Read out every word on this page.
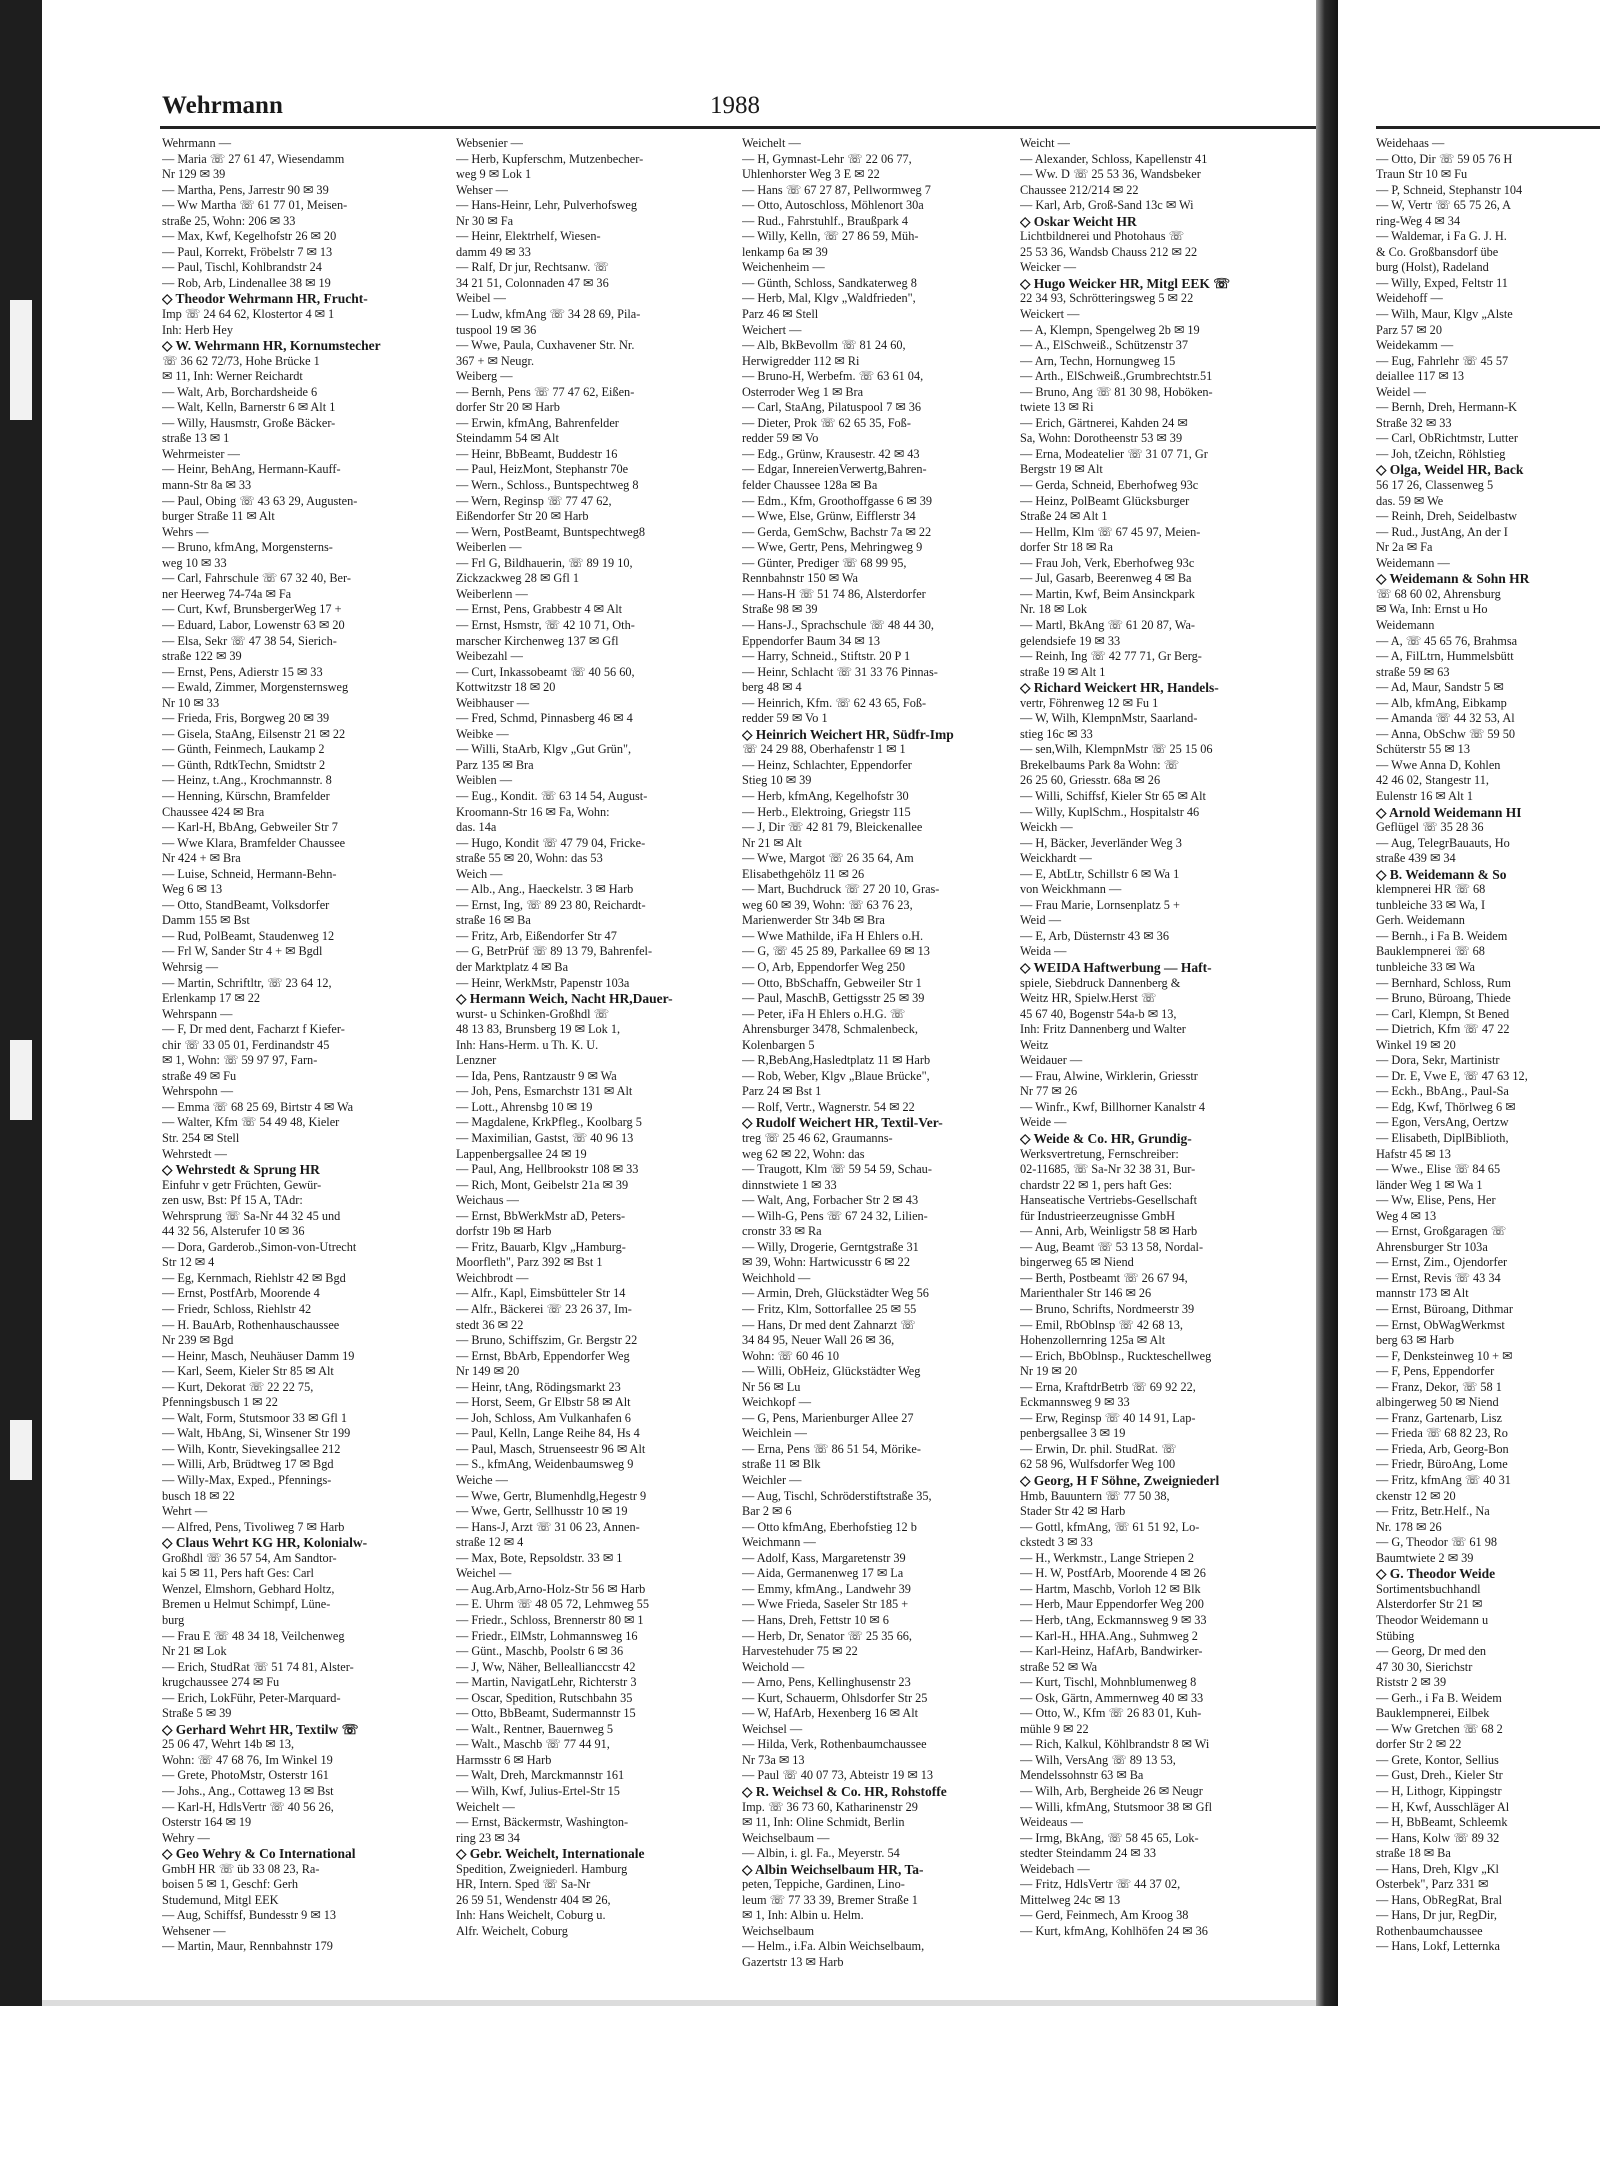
Wehrmann	1988
Wehrmann —
— Maria ☏ 27 61 47, Wiesendamm
Nr 129 ✉ 39
— Martha, Pens, Jarrestr 90 ✉ 39
— Ww Martha ☏ 61 77 01, Meisen-
straße 25, Wohn: 206 ✉ 33
— Max, Kwf, Kegelhofstr 26 ✉ 20
— Paul, Korrekt, Fröbelstr 7 ✉ 13
— Paul, Tischl, Kohlbrandstr 24
— Rob, Arb, Lindenallee 38 ✉ 19
◇ Theodor Wehrmann HR, Frucht-
Imp ☏ 24 64 62, Klostertor 4 ✉ 1
Inh: Herb Hey
◇ W. Wehrmann HR, Kornumstecher
☏ 36 62 72/73, Hohe Brücke 1
✉ 11, Inh: Werner Reichardt
— Walt, Arb, Borchardsheide 6
— Walt, Kelln, Barnerstr 6 ✉ Alt 1
— Willy, Hausmstr, Große Bäcker-
straße 13 ✉ 1
Wehrmeister —
— Heinr, BehAng, Hermann-Kauff-
mann-Str 8a ✉ 33
— Paul, Obing ☏ 43 63 29, Augusten-
burger Straße 11 ✉ Alt
Wehrs —
— Bruno, kfmAng, Morgensterns-
weg 10 ✉ 33
— Carl, Fahrschule ☏ 67 32 40, Ber-
ner Heerweg 74-74a ✉ Fa
— Curt, Kwf, BrunsbergerWeg 17 +
— Eduard, Labor, Lowenstr 63 ✉ 20
— Elsa, Sekr ☏ 47 38 54, Sierich-
straße 122 ✉ 39
— Ernst, Pens, Adierstr 15 ✉ 33
— Ewald, Zimmer, Morgensternsweg
Nr 10 ✉ 33
— Frieda, Fris, Borgweg 20 ✉ 39
— Gisela, StaAng, Eilsenstr 21 ✉ 22
— Günth, Feinmech, Laukamp 2
— Günth, RdtkTechn, Smidtstr 2
— Heinz, t.Ang., Krochmannstr. 8
— Henning, Kürschn, Bramfelder
Chaussee 424 ✉ Bra
— Karl-H, BbAng, Gebweiler Str 7
— Wwe Klara, Bramfelder Chaussee
Nr 424 + ✉ Bra
— Luise, Schneid, Hermann-Behn-
Weg 6 ✉ 13
— Otto, StandBeamt, Volksdorfer
Damm 155 ✉ Bst
— Rud, PolBeamt, Staudenweg 12
— Frl W, Sander Str 4 + ✉ Bgdl
Wehrsig —
— Martin, Schriftltr, ☏ 23 64 12,
Erlenkamp 17 ✉ 22
Wehrspann —
— F, Dr med dent, Facharzt f Kiefer-
chir ☏ 33 05 01, Ferdinandstr 45
✉ 1, Wohn: ☏ 59 97 97, Farn-
straße 49 ✉ Fu
Wehrspohn —
— Emma ☏ 68 25 69, Birtstr 4 ✉ Wa
— Walter, Kfm ☏ 54 49 48, Kieler
Str. 254 ✉ Stell
Wehrstedt —
◇ Wehrstedt & Sprung HR
Einfuhr v getr Früchten, Gewür-
zen usw, Bst: Pf 15 A, TAdr:
Wehrsprung ☏ Sa-Nr 44 32 45 und
44 32 56, Alsterufer 10 ✉ 36
— Dora, Garderob.,Simon-von-Utrecht
Str 12 ✉ 4
— Eg, Kernmach, Riehlstr 42 ✉ Bgd
— Ernst, PostfArb, Moorende 4
— Friedr, Schloss, Riehlstr 42
— H. BauArb, Rothenhauschaussee
Nr 239 ✉ Bgd
— Heinr, Masch, Neuhäuser Damm 19
— Karl, Seem, Kieler Str 85 ✉ Alt
— Kurt, Dekorat ☏ 22 22 75,
Pfenningsbusch 1 ✉ 22
— Walt, Form, Stutsmoor 33 ✉ Gfl 1
— Walt, HbAng, Si, Winsener Str 199
— Wilh, Kontr, Sievekingsallee 212
— Willi, Arb, Brüdtweg 17 ✉ Bgd
— Willy-Max, Exped., Pfennings-
busch 18 ✉ 22
Wehrt —
— Alfred, Pens, Tivoliweg 7 ✉ Harb
◇ Claus Wehrt KG HR, Kolonialw-
Großhdl ☏ 36 57 54, Am Sandtor-
kai 5 ✉ 11, Pers haft Ges: Carl
Wenzel, Elmshorn, Gebhard Holtz,
Bremen u Helmut Schimpf, Lüne-
burg
— Frau E ☏ 48 34 18, Veilchenweg
Nr 21 ✉ Lok
— Erich, StudRat ☏ 51 74 81, Alster-
krugchaussee 274 ✉ Fu
— Erich, LokFühr, Peter-Marquard-
Straße 5 ✉ 39
◇ Gerhard Wehrt HR, Textilw ☏
25 06 47, Wehrt 14b ✉ 13,
Wohn: ☏ 47 68 76, Im Winkel 19
— Grete, PhotoMstr, Osterstr 161
— Johs., Ang., Cottaweg 13 ✉ Bst
— Karl-H, HdlsVertr ☏ 40 56 26,
Osterstr 164 ✉ 19
Wehry —
◇ Geo Wehry & Co International
GmbH HR ☏ üb 33 08 23, Ra-
boisen 5 ✉ 1, Geschf: Gerh
Studemund, Mitgl EEK
— Aug, Schiffsf, Bundesstr 9 ✉ 13
Wehsener —
— Martin, Maur, Rennbahnstr 179
Websenier —
— Herb, Kupferschm, Mutzenbecher-
weg 9 ✉ Lok 1
Wehser —
— Hans-Heinr, Lehr, Pulverhofsweg
Nr 30 ✉ Fa
— Heinr, Elektrhelf, Wiesen-
damm 49 ✉ 33
— Ralf, Dr jur, Rechtsanw. ☏
34 21 51, Colonnaden 47 ✉ 36
Weibel —
— Ludw, kfmAng ☏ 34 28 69, Pila-
tuspool 19 ✉ 36
— Wwe, Paula, Cuxhavener Str. Nr.
367 + ✉ Neugr.
Weiberg —
— Bernh, Pens ☏ 77 47 62, Eißen-
dorfer Str 20 ✉ Harb
— Erwin, kfmAng, Bahrenfelder
Steindamm 54 ✉ Alt
— Heinr, BbBeamt, Buddestr 16
— Paul, HeizMont, Stephanstr 70e
— Wern., Schloss., Buntspechtweg 8
— Wern, Reginsp ☏ 77 47 62,
Eißendorfer Str 20 ✉ Harb
— Wern, PostBeamt, Buntspechtweg8
Weiberlen —
— Frl G, Bildhauerin, ☏ 89 19 10,
Zickzackweg 28 ✉ Gfl 1
Weiberlenn —
— Ernst, Pens, Grabbestr 4 ✉ Alt
— Ernst, Hsmstr, ☏ 42 10 71, Oth-
marscher Kirchenweg 137 ✉ Gfl
Weibezahl —
— Curt, Inkassobeamt ☏ 40 56 60,
Kottwitzstr 18 ✉ 20
Weibhauser —
— Fred, Schmd, Pinnasberg 46 ✉ 4
Weibke —
— Willi, StaArb, Klgv „Gut Grün",
Parz 135 ✉ Bra
Weiblen —
— Eug., Kondit. ☏ 63 14 54, August-
Kroomann-Str 16 ✉ Fa, Wohn:
das. 14a
— Hugo, Kondit ☏ 47 79 04, Fricke-
straße 55 ✉ 20, Wohn: das 53
Weich —
— Alb., Ang., Haeckelstr. 3 ✉ Harb
— Ernst, Ing, ☏ 89 23 80, Reichardt-
straße 16 ✉ Ba
— Fritz, Arb, Eißendorfer Str 47
— G, BetrPrüf ☏ 89 13 79, Bahrenfel-
der Marktplatz 4 ✉ Ba
— Heinr, WerkMstr, Papenstr 103a
◇ Hermann Weich, Nacht HR,Dauer-
wurst- u Schinken-Großhdl ☏
48 13 83, Brunsberg 19 ✉ Lok 1,
Inh: Hans-Herm. u Th. K. U.
Lenzner
— Ida, Pens, Rantzaustr 9 ✉ Wa
— Joh, Pens, Esmarchstr 131 ✉ Alt
— Lott., Ahrensbg 10 ✉ 19
— Magdalene, KrkPfleg., Koolbarg 5
— Maximilian, Gastst, ☏ 40 96 13
Lappenbergsallee 24 ✉ 19
— Paul, Ang, Hellbrookstr 108 ✉ 33
— Rich, Mont, Geibelstr 21a ✉ 39
Weichaus —
— Ernst, BbWerkMstr aD, Peters-
dorfstr 19b ✉ Harb
— Fritz, Bauarb, Klgv „Hamburg-
Moorfleth", Parz 392 ✉ Bst 1
Weichbrodt —
— Alfr., Kapl, Eimsbütteler Str 14
— Alfr., Bäckerei ☏ 23 26 37, Im-
stedt 36 ✉ 22
— Bruno, Schiffszim, Gr. Bergstr 22
— Ernst, BbArb, Eppendorfer Weg
Nr 149 ✉ 20
— Heinr, tAng, Rödingsmarkt 23
— Horst, Seem, Gr Elbstr 58 ✉ Alt
— Joh, Schloss, Am Vulkanhafen 6
— Paul, Kelln, Lange Reihe 84, Hs 4
— Paul, Masch, Struenseestr 96 ✉ Alt
— S., kfmAng, Weidenbaumsweg 9
Weiche —
— Wwe, Gertr, Blumenhdlg,Hegestr 9
— Wwe, Gertr, Sellhusstr 10 ✉ 19
— Hans-J, Arzt ☏ 31 06 23, Annen-
straße 12 ✉ 4
— Max, Bote, Repsoldstr. 33 ✉ 1
Weichel —
— Aug.Arb,Arno-Holz-Str 56 ✉ Harb
— E. Uhrm ☏ 48 05 72, Lehmweg 55
— Friedr., Schloss, Brennerstr 80 ✉ 1
— Friedr., ElMstr, Lohmannsweg 16
— Günt., Maschb, Poolstr 6 ✉ 36
— J, Ww, Näher, Belleallianccstr 42
— Martin, NavigatLehr, Richterstr 3
— Oscar, Spedition, Rutschbahn 35
— Otto, BbBeamt, Sudermannstr 15
— Walt., Rentner, Bauernweg 5
— Walt., Maschb ☏ 77 44 91,
Harmsstr 6 ✉ Harb
— Walt, Dreh, Marckmannstr 161
— Wilh, Kwf, Julius-Ertel-Str 15
Weichelt —
— Ernst, Bäckermstr, Washington-
ring 23 ✉ 34
◇ Gebr. Weichelt, Internationale
Spedition, Zweigniederl. Hamburg
HR, Intern. Sped ☏ Sa-Nr
26 59 51, Wendenstr 404 ✉ 26,
Inh: Hans Weichelt, Coburg u.
Alfr. Weichelt, Coburg
Weichelt —
— H, Gymnast-Lehr ☏ 22 06 77,
Uhlenhorster Weg 3 E ✉ 22
— Hans ☏ 67 27 87, Pellwormweg 7
— Otto, Autoschloss, Möhlenort 30a
— Rud., Fahrstuhlf., Braußpark 4
— Willy, Kelln, ☏ 27 86 59, Müh-
lenkamp 6a ✉ 39
Weichenheim —
— Günth, Schloss, Sandkaterweg 8
— Herb, Mal, Klgv „Waldfrieden",
Parz 46 ✉ Stell
Weichert —
— Alb, BkBevollm ☏ 81 24 60,
Herwigredder 112 ✉ Ri
— Bruno-H, Werbefm. ☏ 63 61 04,
Osterroder Weg 1 ✉ Bra
— Carl, StaAng, Pilatuspool 7 ✉ 36
— Dieter, Prok ☏ 62 65 35, Foß-
redder 59 ✉ Vo
— Edg., Grünw, Krausestr. 42 ✉ 43
— Edgar, InnereienVerwertg,Bahren-
felder Chaussee 128a ✉ Ba
— Edm., Kfm, Groothoffgasse 6 ✉ 39
— Wwe, Else, Grünw, Eifflerstr 34
— Gerda, GemSchw, Bachstr 7a ✉ 22
— Wwe, Gertr, Pens, Mehringweg 9
— Günter, Prediger ☏ 68 99 95,
Rennbahnstr 150 ✉ Wa
— Hans-H ☏ 51 74 86, Alsterdorfer
Straße 98 ✉ 39
— Hans-J., Sprachschule ☏ 48 44 30,
Eppendorfer Baum 34 ✉ 13
— Harry, Schneid., Stiftstr. 20 P 1
— Heinr, Schlacht ☏ 31 33 76 Pinnas-
berg 48 ✉ 4
— Heinrich, Kfm. ☏ 62 43 65, Foß-
redder 59 ✉ Vo 1
◇ Heinrich Weichert HR, Südfr-Imp
☏ 24 29 88, Oberhafenstr 1 ✉ 1
— Heinz, Schlachter, Eppendorfer
Stieg 10 ✉ 39
— Herb, kfmAng, Kegelhofstr 30
— Herb., Elektroing, Griegstr 115
— J, Dir ☏ 42 81 79, Bleickenallee
Nr 21 ✉ Alt
— Wwe, Margot ☏ 26 35 64, Am
Elisabethgehölz 11 ✉ 26
— Mart, Buchdruck ☏ 27 20 10, Gras-
weg 60 ✉ 39, Wohn: ☏ 63 76 23,
Marienwerder Str 34b ✉ Bra
— Wwe Mathilde, iFa H Ehlers o.H.
— G, ☏ 45 25 89, Parkallee 69 ✉ 13
— O, Arb, Eppendorfer Weg 250
— Otto, BbSchaffn, Gebweiler Str 1
— Paul, MaschB, Gettigsstr 25 ✉ 39
— Peter, iFa H Ehlers o.H.G. ☏
Ahrensburger 3478, Schmalenbeck,
Kolenbargen 5
— R,BebAng,Hasledtplatz 11 ✉ Harb
— Rob, Weber, Klgv „Blaue Brücke",
Parz 24 ✉ Bst 1
— Rolf, Vertr., Wagnerstr. 54 ✉ 22
◇ Rudolf Weichert HR, Textil-Ver-
treg ☏ 25 46 62, Graumanns-
weg 62 ✉ 22, Wohn: das
— Traugott, Klm ☏ 59 54 59, Schau-
dinnstwiete 1 ✉ 33
— Walt, Ang, Forbacher Str 2 ✉ 43
— Wilh-G, Pens ☏ 67 24 32, Lilien-
cronstr 33 ✉ Ra
— Willy, Drogerie, Gerntgstraße 31
✉ 39, Wohn: Hartwicusstr 6 ✉ 22
Weichhold —
— Armin, Dreh, Glückstädter Weg 56
— Fritz, Klm, Sottorfallee 25 ✉ 55
— Hans, Dr med dent Zahnarzt ☏
34 84 95, Neuer Wall 26 ✉ 36,
Wohn: ☏ 60 46 10
— Willi, ObHeiz, Glückstädter Weg
Nr 56 ✉ Lu
Weichkopf —
— G, Pens, Marienburger Allee 27
Weichlein —
— Erna, Pens ☏ 86 51 54, Mörike-
straße 11 ✉ Blk
Weichler —
— Aug, Tischl, Schröderstiftstraße 35,
Bar 2 ✉ 6
— Otto kfmAng, Eberhofstieg 12 b
Weichmann —
— Adolf, Kass, Margaretenstr 39
— Aida, Germanenweg 17 ✉ La
— Emmy, kfmAng., Landwehr 39
— Wwe Frieda, Saseler Str 185 +
— Hans, Dreh, Fettstr 10 ✉ 6
— Herb, Dr, Senator ☏ 25 35 66,
Harvestehuder 75 ✉ 22
Weichold —
— Arno, Pens, Kellinghusenstr 23
— Kurt, Schauerm, Ohlsdorfer Str 25
— W, HafArb, Hexenberg 16 ✉ Alt
Weichsel —
— Hilda, Verk, Rothenbaumchaussee
Nr 73a ✉ 13
— Paul ☏ 40 07 73, Abteistr 19 ✉ 13
◇ R. Weichsel & Co. HR, Rohstoffe
Imp. ☏ 36 73 60, Katharinenstr 29
✉ 11, Inh: Oline Schmidt, Berlin
Weichselbaum —
— Albin, i. gl. Fa., Meyerstr. 54
◇ Albin Weichselbaum HR, Ta-
peten, Teppiche, Gardinen, Lino-
leum ☏ 77 33 39, Bremer Straße 1
✉ 1, Inh: Albin u. Helm.
Weichselbaum
— Helm., i.Fa. Albin Weichselbaum,
Gazertstr 13 ✉ Harb
Weicht —
— Alexander, Schloss, Kapellenstr 41
— Ww. D ☏ 25 53 36, Wandsbeker
Chaussee 212/214 ✉ 22
— Karl, Arb, Groß-Sand 13c ✉ Wi
◇ Oskar Weicht HR
Lichtbildnerei und Photohaus ☏
25 53 36, Wandsb Chauss 212 ✉ 22
Weicker —
◇ Hugo Weicker HR, Mitgl EEK ☏
22 34 93, Schrötteringsweg 5 ✉ 22
Weickert —
— A, Klempn, Spengelweg 2b ✉ 19
— A., ElSchweiß., Schützenstr 37
— Arn, Techn, Hornungweg 15
— Arth., ElSchweiß.,Grumbrechtstr.51
— Bruno, Ang ☏ 81 30 98, Hoböken-
twiete 13 ✉ Ri
— Erich, Gärtnerei, Kahden 24 ✉
Sa, Wohn: Dorotheenstr 53 ✉ 39
— Erna, Modeatelier ☏ 31 07 71, Gr
Bergstr 19 ✉ Alt
— Gerda, Schneid, Eberhofweg 93c
— Heinz, PolBeamt Glücksburger
Straße 24 ✉ Alt 1
— Hellm, Klm ☏ 67 45 97, Meien-
dorfer Str 18 ✉ Ra
— Frau Joh, Verk, Eberhofweg 93c
— Jul, Gasarb, Beerenweg 4 ✉ Ba
— Martin, Kwf, Beim Ansinckpark
Nr. 18 ✉ Lok
— Martl, BkAng ☏ 61 20 87, Wa-
gelendsiefe 19 ✉ 33
— Reinh, Ing ☏ 42 77 71, Gr Berg-
straße 19 ✉ Alt 1
◇ Richard Weickert HR, Handels-
vertr, Föhrenweg 12 ✉ Fu 1
— W, Wilh, KlempnMstr, Saarland-
stieg 16c ✉ 33
— sen,Wilh, KlempnMstr ☏ 25 15 06
Brekelbaums Park 8a Wohn: ☏
26 25 60, Griesstr. 68a ✉ 26
— Willi, Schiffsf, Kieler Str 65 ✉ Alt
— Willy, KuplSchm., Hospitalstr 46
Weickh —
— H, Bäcker, Jeverländer Weg 3
Weickhardt —
— E, AbtLtr, Schillstr 6 ✉ Wa 1
von Weickhmann —
— Frau Marie, Lornsenplatz 5 +
Weid —
— E, Arb, Düsternstr 43 ✉ 36
Weida —
◇ WEIDA Haftwerbung — Haft-
spiele, Siebdruck Dannenberg &
Weitz HR, Spielw.Herst ☏
45 67 40, Bogenstr 54a-b ✉ 13,
Inh: Fritz Dannenberg und Walter
Weitz
Weidauer —
— Frau, Alwine, Wirklerin, Griesstr
Nr 77 ✉ 26
— Winfr., Kwf, Billhorner Kanalstr 4
Weide —
◇ Weide & Co. HR, Grundig-
Werksvertretung, Fernschreiber:
02-11685, ☏ Sa-Nr 32 38 31, Bur-
chardstr 22 ✉ 1, pers haft Ges:
Hanseatische Vertriebs-Gesellschaft
für Industrieerzeugnisse GmbH
— Anni, Arb, Weinligstr 58 ✉ Harb
— Aug, Beamt ☏ 53 13 58, Nordal-
bingerweg 65 ✉ Niend
— Berth, Postbeamt ☏ 26 67 94,
Marienthaler Str 146 ✉ 26
— Bruno, Schrifts, Nordmeerstr 39
— Emil, RbOblnsp ☏ 42 68 13,
Hohenzollernring 125a ✉ Alt
— Erich, BbOblnsp., Ruckteschellweg
Nr 19 ✉ 20
— Erna, KraftdrBetrb ☏ 69 92 22,
Eckmannsweg 9 ✉ 33
— Erw, Reginsp ☏ 40 14 91, Lap-
penbergsallee 3 ✉ 19
— Erwin, Dr. phil. StudRat. ☏
62 58 96, Wulfsdorfer Weg 100
◇ Georg, H F Söhne, Zweigniederl
Hmb, Bauuntern ☏ 77 50 38,
Stader Str 42 ✉ Harb
— Gottl, kfmAng, ☏ 61 51 92, Lo-
ckstedt 3 ✉ 33
— H., Werkmstr., Lange Striepen 2
— H. W, PostfArb, Moorende 4 ✉ 26
— Hartm, Maschb, Vorloh 12 ✉ Blk
— Herb, Maur Eppendorfer Weg 200
— Herb, tAng, Eckmannsweg 9 ✉ 33
— Karl-H., HHA.Ang., Suhmweg 2
— Karl-Heinz, HafArb, Bandwirker-
straße 52 ✉ Wa
— Kurt, Tischl, Mohnblumenweg 8
— Osk, Gärtn, Ammernweg 40 ✉ 33
— Otto, W., Kfm ☏ 26 83 01, Kuh-
mühle 9 ✉ 22
— Rich, Kalkul, Köhlbrandstr 8 ✉ Wi
— Wilh, VersAng ☏ 89 13 53,
Mendelssohnstr 63 ✉ Ba
— Wilh, Arb, Bergheide 26 ✉ Neugr
— Willi, kfmAng, Stutsmoor 38 ✉ Gfl
Weideaus —
— Irmg, BkAng, ☏ 58 45 65, Lok-
stedter Steindamm 24 ✉ 33
Weidebach —
— Fritz, HdlsVertr ☏ 44 37 02,
Mittelweg 24c ✉ 13
— Gerd, Feinmech, Am Kroog 38
— Kurt, kfmAng, Kohlhöfen 24 ✉ 36
Weidehaas —
— Otto, Dir ☏ 59 05 76 H
Traun Str 10 ✉ Fu
— P, Schneid, Stephanstr 104
— W, Vertr ☏ 65 75 26, A
ring-Weg 4 ✉ 34
— Waldemar, i Fa G. J. H.
& Co. Großbansdorf übe
burg (Holst), Radeland
— Willy, Exped, Feltstr 11
Weidehoff —
— Wilh, Maur, Klgv „Alste
Parz 57 ✉ 20
Weidekamm —
— Eug, Fahrlehr ☏ 45 57
deiallee 117 ✉ 13
Weidel —
— Bernh, Dreh, Hermann-K
Straße 32 ✉ 33
— Carl, ObRichtmstr, Lutter
— Joh, tZeichn, Röhlstieg
◇ Olga, Weidel HR, Back
56 17 26, Classenweg 5
das. 59 ✉ We
— Reinh, Dreh, Seidelbastw
— Rud., JustAng, An der I
Nr 2a ✉ Fa
Weidemann —
◇ Weidemann & Sohn HR
☏ 68 60 02, Ahrensburg
✉ Wa, Inh: Ernst u Ho
Weidemann
— A, ☏ 45 65 76, Brahmsa
— A, FilLtrn, Hummelsbütt
straße 59 ✉ 63
— Ad, Maur, Sandstr 5 ✉
— Alb, kfmAng, Eibkamp
— Amanda ☏ 44 32 53, Al
— Anna, ObSchw ☏ 59 50
Schüterstr 55 ✉ 13
— Wwe Anna D, Kohlen
42 46 02, Stangestr 11,
Eulenstr 16 ✉ Alt 1
◇ Arnold Weidemann HI
Geflügel ☏ 35 28 36
— Aug, TelegrBauauts, Ho
straße 439 ✉ 34
◇ B. Weidemann & So
klempnerei HR ☏ 68
tunbleiche 33 ✉ Wa, I
Gerh. Weidemann
— Bernh., i Fa B. Weidem
Bauklempnerei ☏ 68
tunbleiche 33 ✉ Wa
— Bernhard, Schloss, Rum
— Bruno, Büroang, Thiede
— Carl, Klempn, St Bened
— Dietrich, Kfm ☏ 47 22
Winkel 19 ✉ 20
— Dora, Sekr, Martinistr
— Dr. E, Vwe E, ☏ 47 63 12,
— Eckh., BbAng., Paul-Sa
— Edg, Kwf, Thörlweg 6 ✉
— Egon, VersAng, Oertzw
— Elisabeth, DiplBiblioth,
Hafstr 45 ✉ 13
— Wwe., Elise ☏ 84 65
länder Weg 1 ✉ Wa 1
— Ww, Elise, Pens, Her
Weg 4 ✉ 13
— Ernst, Großgaragen ☏
Ahrensburger Str 103a
— Ernst, Zim., Ojendorfer
— Ernst, Revis ☏ 43 34
mannstr 173 ✉ Alt
— Ernst, Büroang, Dithmar
— Ernst, ObWagWerkmst
berg 63 ✉ Harb
— F, Denksteinweg 10 + ✉
— F, Pens, Eppendorfer
— Franz, Dekor, ☏ 58 1
albingerweg 50 ✉ Niend
— Franz, Gartenarb, Lisz
— Frieda ☏ 68 82 23, Ro
— Frieda, Arb, Georg-Bon
— Friedr, BüroAng, Lome
— Fritz, kfmAng ☏ 40 31
ckenstr 12 ✉ 20
— Fritz, Betr.Helf., Na
Nr. 178 ✉ 26
— G, Theodor ☏ 61 98
Baumtwiete 2 ✉ 39
◇ G. Theodor Weide
Sortimentsbuchhandl
Alsterdorfer Str 21 ✉
Theodor Weidemann u
Stübing
— Georg, Dr med den
47 30 30, Sierichstr
Riststr 2 ✉ 39
— Gerh., i Fa B. Weidem
Bauklempnerei, Eilbek
— Ww Gretchen ☏ 68 2
dorfer Str 2 ✉ 22
— Grete, Kontor, Sellius
— Gust, Dreh., Kieler Str
— H, Lithogr, Kippingstr
— H, Kwf, Ausschläger Al
— H, BbBeamt, Schleemk
— Hans, Kolw ☏ 89 32
straße 18 ✉ Ba
— Hans, Dreh, Klgv „Kl
Osterbek", Parz 331 ✉
— Hans, ObRegRat, Bral
— Hans, Dr jur, RegDir,
Rothenbaumchaussee
— Hans, Lokf, Letternka
